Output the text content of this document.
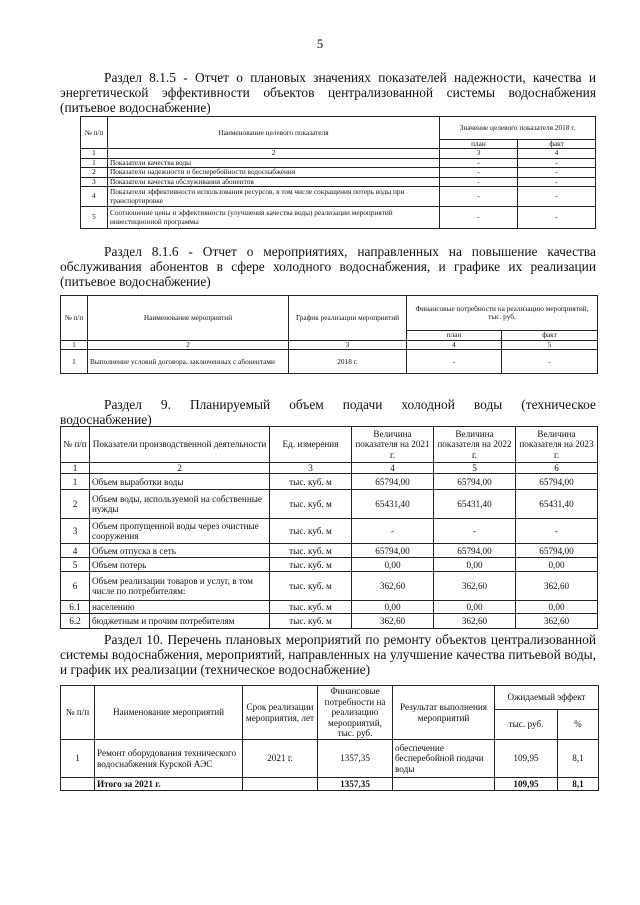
5
Раздел 8.1.5 - Отчет о плановых значениях показателей надежности, качества и энергетической эффективности объектов централизованной системы водоснабжения (питьевое водоснабжение)
№ п/п	Наименование целевого показателя	Значение целевого показателя 2018 г.	
		план	факт
1	2	3	4
1	Показатели качества воды	-	-
2	Показатели надежности и бесперебойности водоснабжения	-	-
3	Показатели качества обслуживания абонентов	-	-
4	Показатели эффективности использования ресурсов, в том числе сокращения потерь воды при транспортировке	-	-
5	Соотношение цены и эффективности (улучшения качества воды) реализации мероприятий инвестиционной программы	-	-
Раздел 8.1.6 - Отчет о мероприятиях, направленных на повышение качества обслуживания абонентов в сфере холодного водоснабжения, и графике их реализации (питьевое водоснабжение)
№ п/п	Наименование мероприятий	График реализации мероприятий	Финансовые потребности на реализацию мероприятий, тыс. руб.	
			план	факт
1	2	3	4	5
1	Выполнение условий договора, заключенных с абонентами	2018 г.	-	-
Раздел 9. Планируемый объем подачи холодной воды (техническое водоснабжение)
№ п/п	Показатели производственной деятельности	Ед. измерения	Величина показателя на 2021 г.	Величина показателя на 2022 г.	Величина показателя на 2023 г.
1	2	3	4	5	6
1	Объем выработки воды	тыс. куб. м	65794,00	65794,00	65794,00
2	Объем воды, используемой на собственные нужды	тыс. куб. м	65431,40	65431,40	65431,40
3	Объем пропущенной воды через очистные сооружения	тыс. куб. м	-	-	-
4	Объем отпуска в сеть	тыс. куб. м	65794,00	65794,00	65794,00
5	Объем потерь	тыс. куб. м	0,00	0,00	0,00
6	Объем реализации товаров и услуг, в том числе по потребителям:	тыс. куб. м	362,60	362,60	362,60
6.1	населению	тыс. куб. м	0,00	0,00	0,00
6.2	бюджетным и прочим потребителям	тыс. куб. м	362,60	362,60	362,60
Раздел 10. Перечень плановых мероприятий по ремонту объектов централизованной системы водоснабжения, мероприятий, направленных на улучшение качества питьевой воды, и график их реализации (техническое водоснабжение)
№ п/п	Наименование мероприятий	Срок реализации мероприятия, лет	Финансовые потребности на реализацию мероприятий, тыс. руб.	Результат выполнения мероприятий	Ожидаемый эффект	
					тыс. руб.	%
1	Ремонт оборудования технического водоснабжения Курской АЭС	2021 г.	1357,35	обеспечение бесперебойной подачи воды	109,95	8,1
	Итого за 2021 г.		1357,35		109,95	8,1
